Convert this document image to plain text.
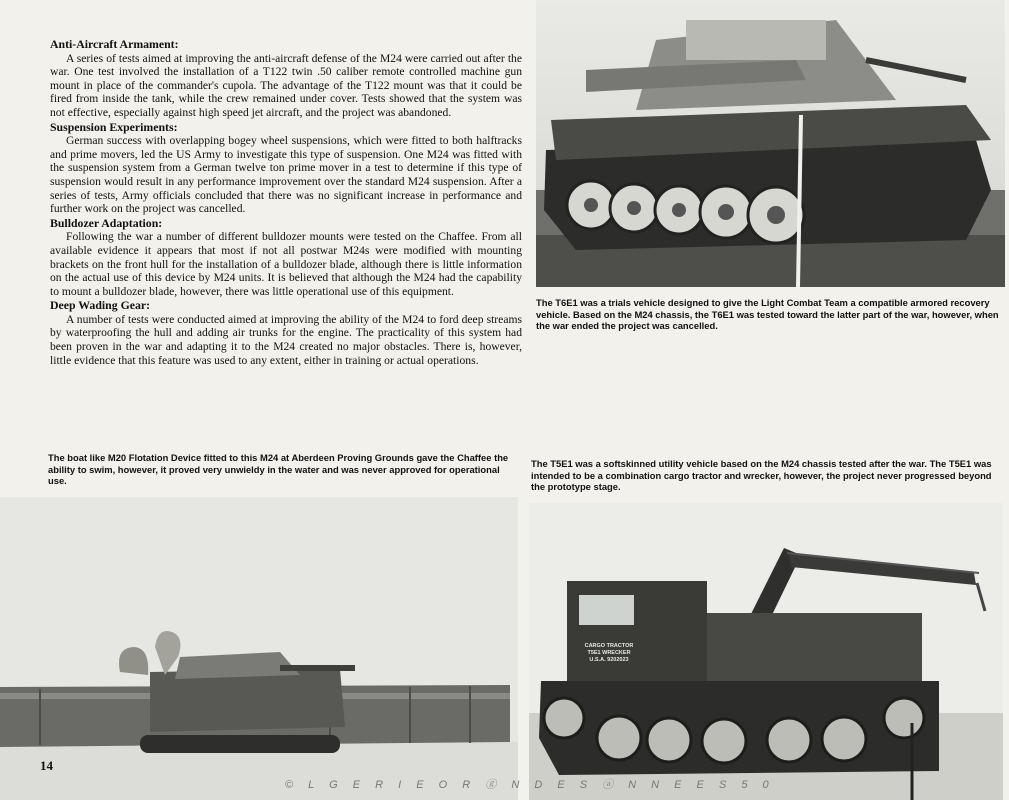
Anti-Aircraft Armament:

A series of tests aimed at improving the anti-aircraft defense of the M24 were carried out after the war. One test involved the installation of a T122 twin .50 caliber remote controlled machine gun mount in place of the commander's cupola. The advantage of the T122 mount was that it could be fired from inside the tank, while the crew remained under cover. Tests showed that the system was not effective, especially against high speed jet aircraft, and the project was abandoned.

Suspension Experiments:

German success with overlapping bogey wheel suspensions, which were fitted to both halftracks and prime movers, led the US Army to investigate this type of suspension. One M24 was fitted with the suspension system from a German twelve ton prime mover in a test to determine if this type of suspension would result in any performance improvement over the standard M24 suspension. After a series of tests, Army officials concluded that there was no significant increase in performance and further work on the project was cancelled.

Bulldozer Adaptation:

Following the war a number of different bulldozer mounts were tested on the Chaffee. From all available evidence it appears that most if not all postwar M24s were modified with mounting brackets on the front hull for the installation of a bulldozer blade, although there is little information on the actual use of this device by M24 units. It is believed that although the M24 had the capability to mount a bulldozer blade, however, there was little operational use of this equipment.

Deep Wading Gear:

A number of tests were conducted aimed at improving the ability of the M24 to ford deep streams by waterproofing the hull and adding air trunks for the engine. The practicality of this system had been proven in the war and adapting it to the M24 created no major obstacles. There is, however, little evidence that this feature was used to any extent, either in training or actual operations.

The T6E1 was a trials vehicle designed to give the Light Combat Team a compatible armored recovery vehicle. Based on the M24 chassis, the T6E1 was tested toward the latter part of the war, however, when the war ended the project was cancelled.
The boat like M20 Flotation Device fitted to this M24 at Aberdeen Proving Grounds gave the Chaffee the ability to swim, however, it proved very unwieldy in the water and was never approved for operational use.
The T5E1 was a softskinned utility vehicle based on the M24 chassis tested after the war. The T5E1 was intended to be a combination cargo tractor and wrecker, however, the project never progressed beyond the prototype stage.
CARGO TRACTOR
T5E1 WRECKER
U.S.A. 9202023
14
© L G E R I E O R ⓖ N D E S ⓐ N N E E S 5 0
